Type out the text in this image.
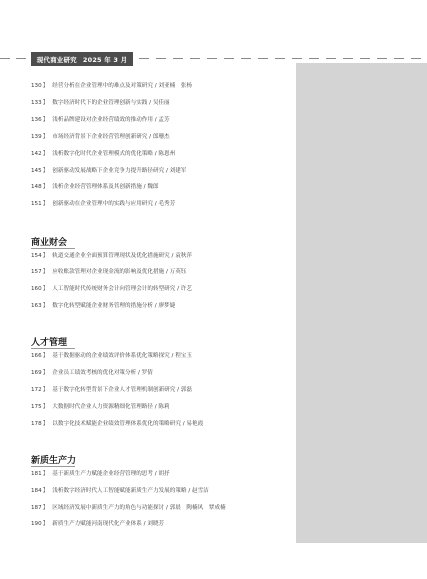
现代商业研究 2025 年 3 月
130】 经营分析在企业管理中的难点及对策研究 / 刘亚楠　张杨
133】 数字经济时代下的企业管理创新与实践 / 吴佳丽
136】 浅析品牌建设对企业经营绩效的推动作用 / 孟芳
139】 市场经济背景下企业经营管理创新研究 / 郎珊杰
142】 浅析数字化时代企业管理模式的优化策略 / 陈恩州
145】 创新驱动发展战略下企业竞争力提升路径研究 / 刘建军
148】 浅析企业经营管理体系及其创新措施 / 魏郎
151】 创新驱动在企业管理中的实践与应用研究 / 毛秀芳
商业财会
154】 轨道交通企业全面预算管理现状及优化措施研究 / 袁秋萍
157】 应收账款管理对企业现金流的影响及优化措施 / 万英钰
160】 人工智能时代传统财务会计向管理会计的转型研究 / 许艺
163】 数字化转型赋能企业财务管理的措施分析 / 廖梦婕
人才管理
166】 基于数据驱动的企业绩效评价体系优化策略探究 / 程宝玉
169】 企业员工绩效考核的优化对策分析 / 罗倩
172】 基于数字化转型背景下企业人才管理机制创新研究 / 郭磊
175】 大数据时代企业人力资源精细化管理路径 / 陈莉
178】 以数字化技术赋能企业绩效管理体系优化的策略研究 / 易艳霞
新质生产力
181】 基于新质生产力赋能企业经营管理的思考 / 胡抒
184】 浅析数字经济时代人工智能赋能新质生产力发展的策略 / 赵雪洁
187】 区域经济发展中新质生产力的角色与功能探讨 / 郭晨　陶楠风　覃成楠
190】 新质生产力赋能河南现代化产业体系 / 刘晓芳
